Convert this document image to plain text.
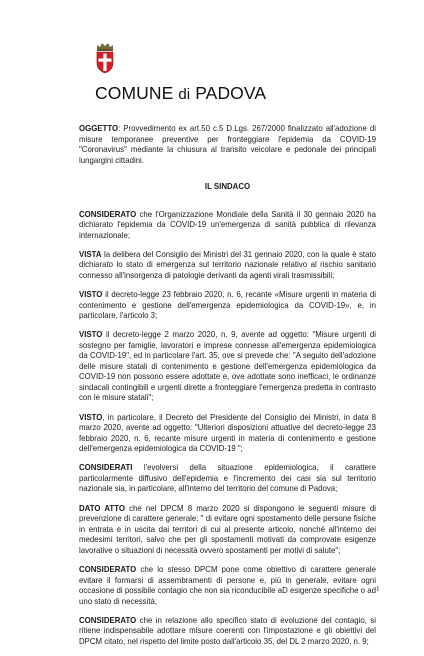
COMUNE di PADOVA

OGGETTO: Provvedimento ex art.50 c.5 D.Lgs. 267/2000 finalizzato all'adozione di misure temporanee preventive per fronteggiare l'epidemia da COVID-19 "Coronavirus" mediante la chiusura al transito veicolare e pedonale dei principali lungargini cittadini.

IL SINDACO

CONSIDERATO che l'Organizzazione Mondiale della Sanità il 30 gennaio 2020 ha dichiarato l'epidemia da COVID-19 un'emergenza di sanità pubblica di rilevanza internazionale;

VISTA la delibera del Consiglio dei Ministri del 31 gennaio 2020, con la quale è stato dichiarato lo stato di emergenza sul territorio nazionale relativo al rischio sanitario connesso all'insorgenza di patologie derivanti da agenti virali trasmissibili;

VISTO il decreto-legge 23 febbraio 2020, n. 6, recante «Misure urgenti in materia di contenimento e gestione dell'emergenza epidemiologica da COVID-19», e, in particolare, l'articolo 3;

VISTO il decreto-legge 2 marzo 2020, n. 9, avente ad oggetto: "Misure urgenti di sostegno per famiglie, lavoratori e imprese connesse all'emergenza epidemiologica da COVID-19", ed in particolare l'art. 35, ove si prevede che: "A seguito dell'adozione delle misure statali di contenimento e gestione dell'emergenza epidemiologica da COVID-19 non possono essere adottate e, ove adottate sono inefficaci, le ordinanze sindacali contingibili e urgenti dirette a fronteggiare l'emergenza predetta in contrasto con le misure statali";

VISTO, in particolare, il Decreto del Presidente del Consiglio dei Ministri, in data 8 marzo 2020, avente ad oggetto: "Ulteriori disposizioni attuative del decreto-legge 23 febbraio 2020, n. 6, recante misure urgenti in materia di contenimento e gestione dell'emergenza epidemiologica da COVID-19 ";

CONSIDERATI l'evolversi della situazione epidemiologica, il carattere particolarmente diffusivo dell'epidemia e l'incremento dei casi sia sul territorio nazionale sia, in particolare, all'interno del territorio del comune di Padova;

DATO ATTO che nel DPCM 8 marzo 2020 si dispongono le seguenti misure di prevenzione di carattere generale: " di evitare ogni spostamento delle persone fisiche in entrata e in uscita dai territori di cui al presente articolo, nonché all'interno dei medesimi territori, salvo che per gli spostamenti motivati da comprovate esigenze lavorative o situazioni di necessità ovvero spostamenti per motivi di salute";

CONSIDERATO che lo stesso DPCM pone come obiettivo di carattere generale evitare il formarsi di assembramenti di persone e, più in generale, evitare ogni occasione di possibile contagio che non sia riconducibile aD esigenze specifiche o ad uno stato di necessità;

CONSIDERATO che in relazione allo specifico stato di evoluzione del contagio, si ritiene indispensabile adottare misure coerenti con l'impostazione e gli obiettivi del DPCM citato, nel rispetto del limite posto dall'articolo 35, del DL 2 marzo 2020, n. 9;

1
